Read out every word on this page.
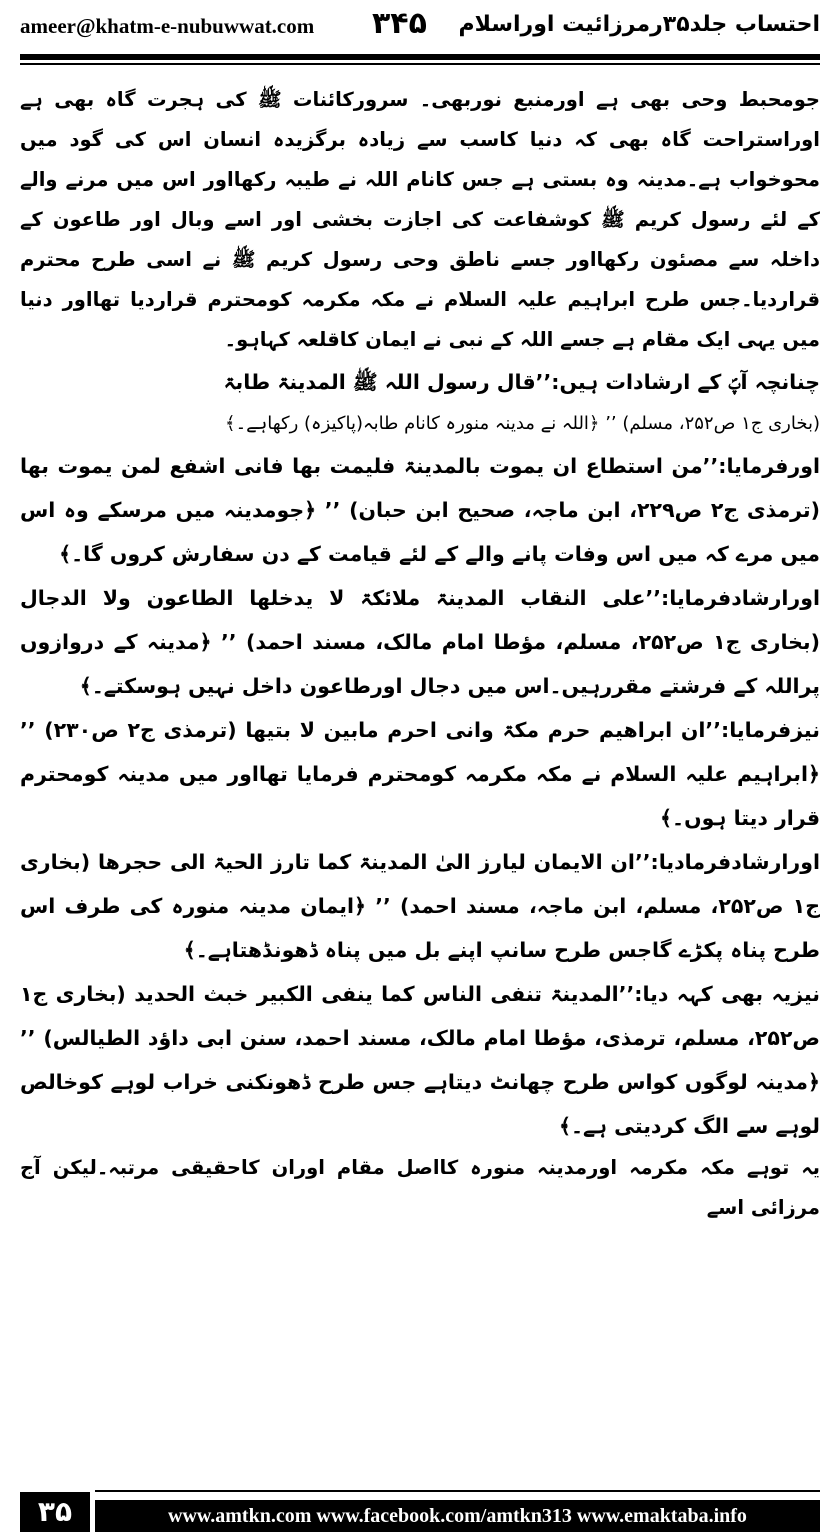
ameer@khatm-e-nubuwwat.com ۳۴۵ احتساب جلد۳۵رمرزائیت اوراسلام

جومحبط وحی بھی ہے اورمنبع نوربھی۔ سرورکائنات ﷺ کی ہجرت گاہ بھی ہے اوراستراحت گاہ بھی کہ دنیا کاسب سے زیادہ برگزیدہ انسان اس کی گود میں محوخواب ہے۔مدینہ وہ بستی ہے جس کانام اللہ نے طیبہ رکھااور اس میں مرنے والے کے لئے رسول کریم ﷺ کوشفاعت کی اجازت بخشی اور اسے وبال اور طاعون کے داخلہ سے مصئون رکھااور جسے ناطق وحی رسول کریم ﷺ نے اسی طرح محترم قراردیا۔جس طرح ابراہیم علیہ السلام نے مکہ مکرمہ کومحترم قراردیا تھااور دنیا میں یہی ایک مقام ہے جسے اللہ کے نبی نے ایمان کاقلعہ کہاہو۔

چنانچہ آپؐ کے ارشادات ہیں:’’قال رسول اللہ ﷺ المدینۃ طابۃ

(بخاری ج۱ ص۲۵۲، مسلم) ’’ ﴿اللہ نے مدینہ منورہ کانام طابہ(پاکیزہ) رکھاہے۔﴾

اورفرمایا:’’من استطاع ان یموت بالمدینۃ فلیمت بھا فانی اشفع لمن یموت بھا (ترمذی ج۲ ص۲۲۹، ابن ماجہ، صحیح ابن حبان) ’’ ﴿جومدینہ میں مرسکے وہ اس میں مرے کہ میں اس وفات پانے والے کے لئے قیامت کے دن سفارش کروں گا۔﴾

اورارشادفرمایا:’’علی النقاب المدینۃ ملائکۃ لا یدخلھا الطاعون ولا الدجال (بخاری ج۱ ص۲۵۲، مسلم، مؤطا امام مالک، مسند احمد) ’’ ﴿مدینہ کے دروازوں پراللہ کے فرشتے مقررہیں۔اس میں دجال اورطاعون داخل نہیں ہوسکتے۔﴾

نیزفرمایا:’’ان ابراھیم حرم مکۃ وانی احرم مابین لا بتیھا (ترمذی ج۲ ص۲۳۰) ’’ ﴿ابراہیم علیہ السلام نے مکہ مکرمہ کومحترم فرمایا تھااور میں مدینہ کومحترم قرار دیتا ہوں۔﴾

اورارشادفرمادیا:’’ان الایمان لیارز الیٰ المدینۃ کما تارز الحیۃ الی حجرھا (بخاری ج۱ ص۲۵۲، مسلم، ابن ماجہ، مسند احمد) ’’ ﴿ایمان مدینہ منورہ کی طرف اس طرح پناہ پکڑے گاجس طرح سانپ اپنے بل میں پناہ ڈھونڈھتاہے۔﴾

نیزیہ بھی کہہ دیا:’’المدینۃ تنفی الناس کما ینفی الکبیر خبث الحدید (بخاری ج۱ ص۲۵۲، مسلم، ترمذی، مؤطا امام مالک، مسند احمد، سنن ابی داؤد الطیالس) ’’ ﴿مدینہ لوگوں کواس طرح چھانٹ دیتاہے جس طرح ڈھونکنی خراب لوہے کوخالص لوہے سے الگ کردیتی ہے۔﴾

یہ توہے مکہ مکرمہ اورمدینہ منورہ کااصل مقام اوران کاحقیقی مرتبہ۔لیکن آج مرزائی اسے

۳۵	www.amtkn.com www.facebook.com/amtkn313 www.emaktaba.info
